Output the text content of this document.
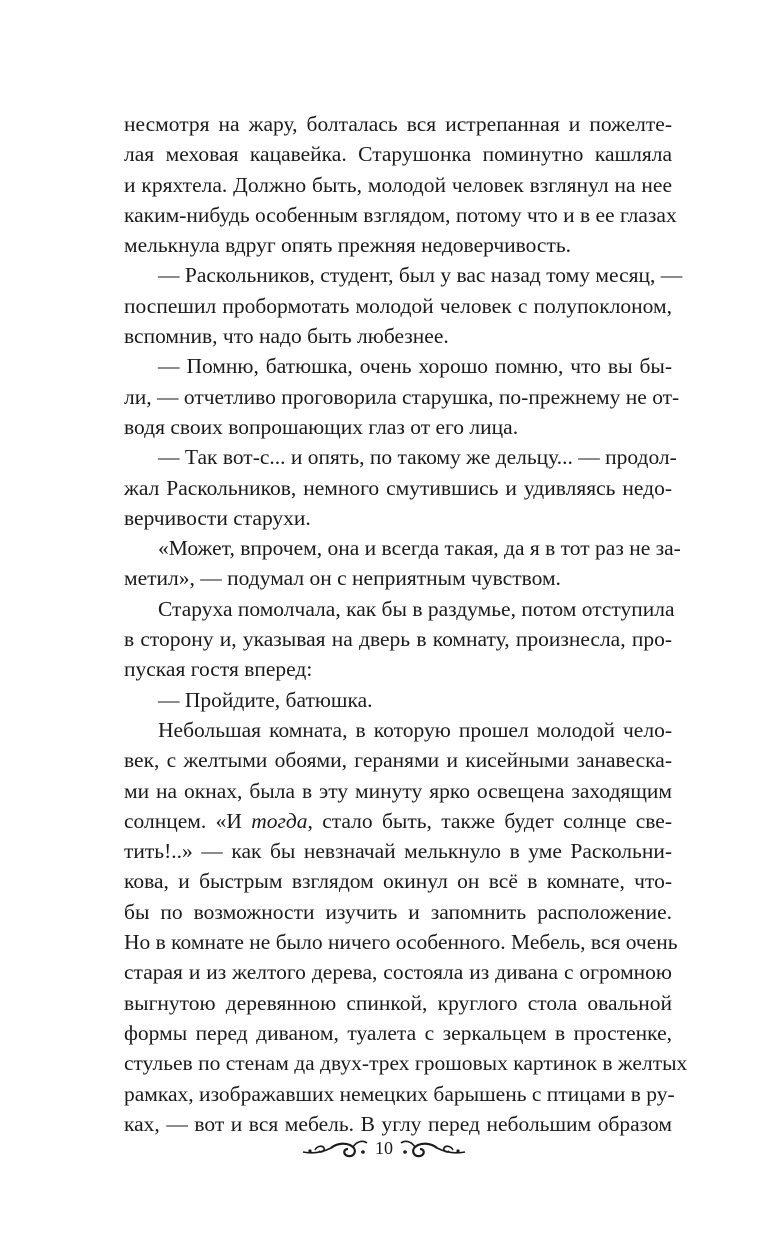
несмотря на жару, болталась вся истрепанная и пожелте-
лая меховая кацавейка. Старушонка поминутно кашляла
и кряхтела. Должно быть, молодой человек взглянул на нее
каким-нибудь особенным взглядом, потому что и в ее глазах
мелькнула вдруг опять прежняя недоверчивость.
— Раскольников, студент, был у вас назад тому месяц, —
поспешил пробормотать молодой человек с полупоклоном,
вспомнив, что надо быть любезнее.
— Помню, батюшка, очень хорошо помню, что вы бы-
ли, — отчетливо проговорила старушка, по-прежнему не от-
водя своих вопрошающих глаз от его лица.
— Так вот-с... и опять, по такому же дельцу... — продол-
жал Раскольников, немного смутившись и удивляясь недо-
верчивости старухи.
«Может, впрочем, она и всегда такая, да я в тот раз не за-
метил», — подумал он с неприятным чувством.
Старуха помолчала, как бы в раздумье, потом отступила
в сторону и, указывая на дверь в комнату, произнесла, про-
пуская гостя вперед:
— Пройдите, батюшка.
Небольшая комната, в которую прошел молодой чело-
век, с желтыми обоями, геранями и кисейными занавеска-
ми на окнах, была в эту минуту ярко освещена заходящим
солнцем. «И тогда, стало быть, также будет солнце све-
тить!..» — как бы невзначай мелькнуло в уме Раскольни-
кова, и быстрым взглядом окинул он всё в комнате, что-
бы по возможности изучить и запомнить расположение.
Но в комнате не было ничего особенного. Мебель, вся очень
старая и из желтого дерева, состояла из дивана с огромною
выгнутою деревянною спинкой, круглого стола овальной
формы перед диваном, туалета с зеркальцем в простенке,
стульев по стенам да двух-трех грошовых картинок в желтых
рамках, изображавших немецких барышень с птицами в ру-
ках, — вот и вся мебель. В углу перед небольшим образом
10
